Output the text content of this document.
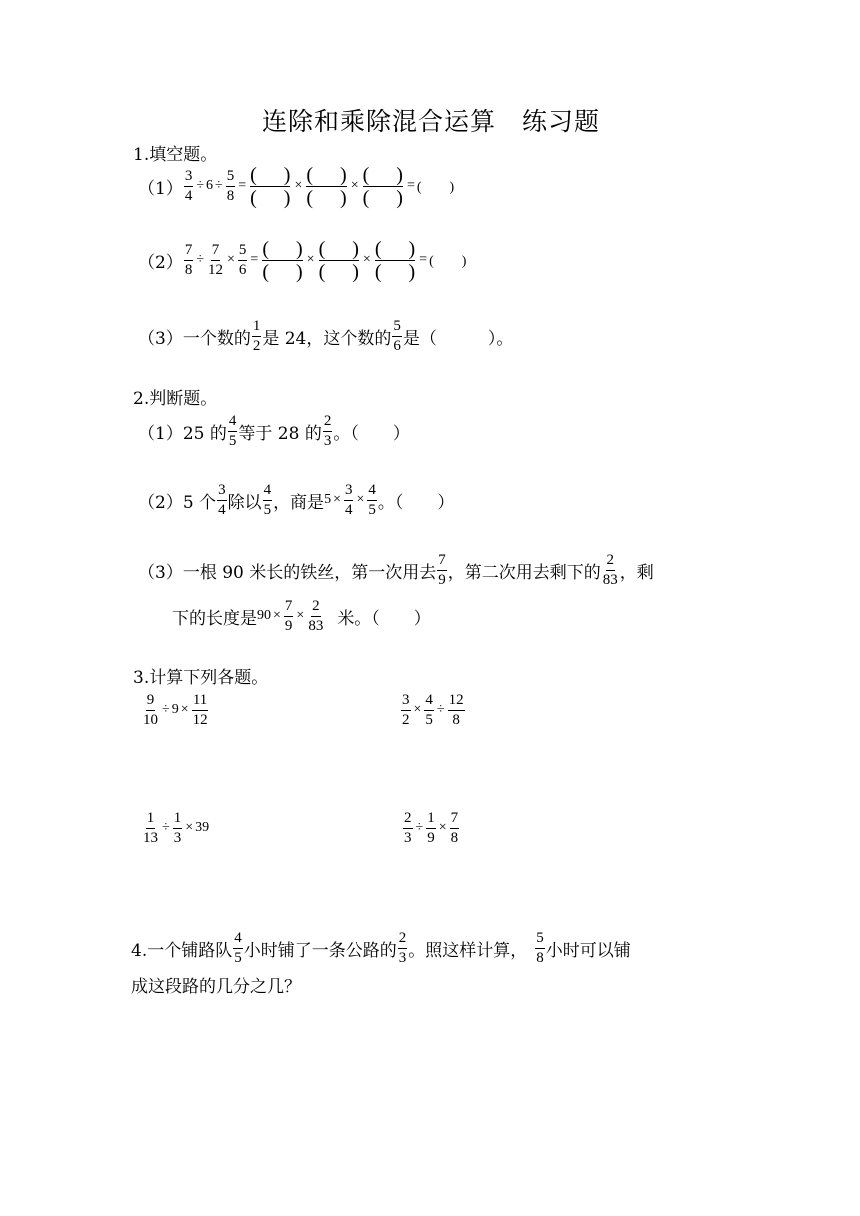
连除和乘除混合运算　练习题
1.填空题。
$(1) \frac{3}{4} \div 6 \div \frac{5}{8}$ = ( )
( )
× ( )
( )
× ( )
( )
= (　　)
$(2) \frac{7}{8} \div \frac{7}{12} \times \frac{5}{6}$ = ( )
( )
× ( )
( )
× ( )
( )
= (　　)
（3） 一个数的 $\frac{1}{2}$ 是 24，这个数的 $\frac{5}{6}$ 是（　　　）。
2.判断题。
（1） 25 的 $\frac{4}{5}$ 等于 28 的 $\frac{2}{3}$ 。（　　）
（2） 5 个 $\frac{3}{4}$ 除以 $\frac{4}{5}$ ，商是 $5 \times \frac{3}{4} \times \frac{4}{5}$ 。（　　）
（3） 一根 90 米长的铁丝，第一次用去 $\frac{7}{9}$ ，第二次用去剩下的 $\frac{2}{83}$ ，剩
下的长度是 $90 \times \frac{7}{9} \times \frac{2}{83}$ 米。（　　）
3.计算下列各题。
$\frac{9}{10} \div 9 \times \frac{11}{12}$	$\frac{3}{2} \times \frac{4}{5} \div \frac{12}{8}$
$\frac{1}{13} \div \frac{1}{3} \times 39$	$\frac{2}{3} \div \frac{1}{9} \times \frac{7}{8}$
4.一个铺路队 $\frac{4}{5}$ 小时铺了一条公路的 $\frac{2}{3}$ 。照这样计算， $\frac{5}{8}$ 小时可以铺
成这段路的几分之几？
